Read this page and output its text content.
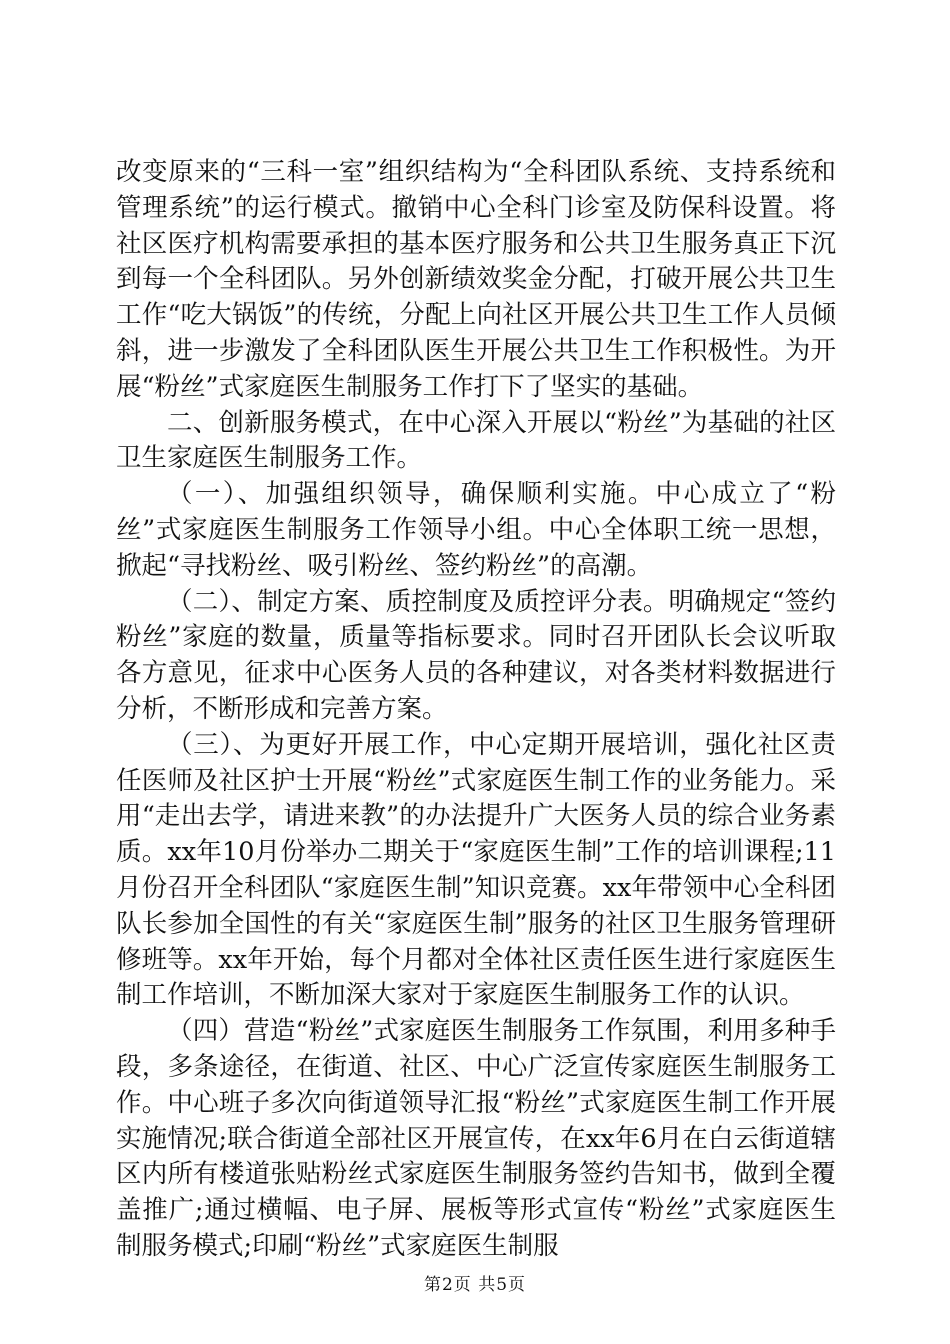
改变原来的“三科一室”组织结构为“全科团队系统、支持系统和管理系统”的运行模式。撤销中心全科门诊室及防保科设置。将社区医疗机构需要承担的基本医疗服务和公共卫生服务真正下沉到每一个全科团队。另外创新绩效奖金分配，打破开展公共卫生工作“吃大锅饭”的传统，分配上向社区开展公共卫生工作人员倾斜，进一步激发了全科团队医生开展公共卫生工作积极性。为开展“粉丝”式家庭医生制服务工作打下了坚实的基础。

二、创新服务模式，在中心深入开展以“粉丝”为基础的社区卫生家庭医生制服务工作。

（一）、加强组织领导，确保顺利实施。中心成立了“粉丝”式家庭医生制服务工作领导小组。中心全体职工统一思想，掀起“寻找粉丝、吸引粉丝、签约粉丝”的高潮。

（二）、制定方案、质控制度及质控评分表。明确规定“签约粉丝”家庭的数量，质量等指标要求。同时召开团队长会议听取各方意见，征求中心医务人员的各种建议，对各类材料数据进行分析，不断形成和完善方案。

（三）、为更好开展工作，中心定期开展培训，强化社区责任医师及社区护士开展“粉丝”式家庭医生制工作的业务能力。采用“走出去学，请进来教”的办法提升广大医务人员的综合业务素质。xx年10月份举办二期关于“家庭医生制”工作的培训课程;11月份召开全科团队“家庭医生制”知识竞赛。xx年带领中心全科团队长参加全国性的有关“家庭医生制”服务的社区卫生服务管理研修班等。xx年开始，每个月都对全体社区责任医生进行家庭医生制工作培训，不断加深大家对于家庭医生制服务工作的认识。

（四）营造“粉丝”式家庭医生制服务工作氛围，利用多种手段，多条途径，在街道、社区、中心广泛宣传家庭医生制服务工作。中心班子多次向街道领导汇报“粉丝”式家庭医生制工作开展实施情况;联合街道全部社区开展宣传，在xx年6月在白云街道辖区内所有楼道张贴粉丝式家庭医生制服务签约告知书，做到全覆盖推广;通过横幅、电子屏、展板等形式宣传“粉丝”式家庭医生制服务模式;印刷“粉丝”式家庭医生制服

第2页 共5页
